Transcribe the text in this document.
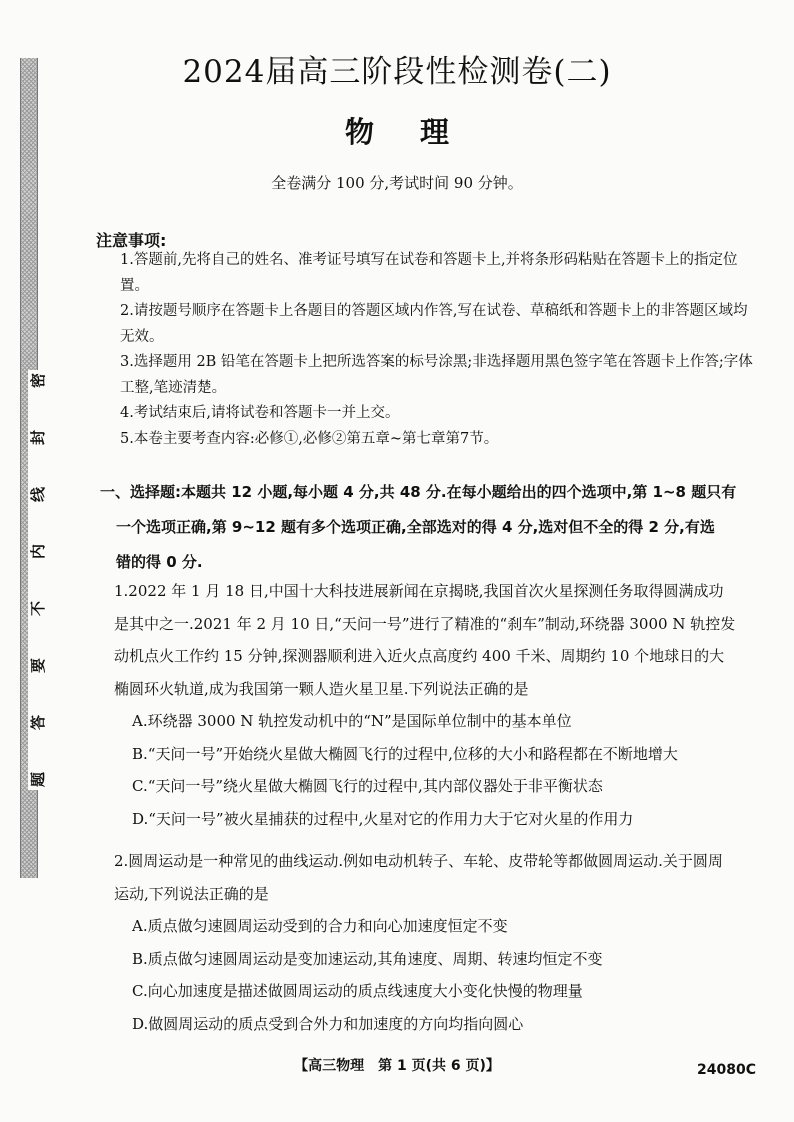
密
封
线
内
不
要
答
题
2024届高三阶段性检测卷(二)
物理
全卷满分 100 分,考试时间 90 分钟。
注意事项:

1.答题前,先将自己的姓名、准考证号填写在试卷和答题卡上,并将条形码粘贴在答题卡上的指定位置。

2.请按题号顺序在答题卡上各题目的答题区域内作答,写在试卷、草稿纸和答题卡上的非答题区域均无效。

3.选择题用 2B 铅笔在答题卡上把所选答案的标号涂黑;非选择题用黑色签字笔在答题卡上作答;字体工整,笔迹清楚。

4.考试结束后,请将试卷和答题卡一并上交。

5.本卷主要考查内容:必修①,必修②第五章~第七章第7节。

一、选择题:本题共 12 小题,每小题 4 分,共 48 分.在每小题给出的四个选项中,第 1~8 题只有
一个选项正确,第 9~12 题有多个选项正确,全部选对的得 4 分,选对但不全的得 2 分,有选
错的得 0 分.

1.2022 年 1 月 18 日,中国十大科技进展新闻在京揭晓,我国首次火星探测任务取得圆满成功

是其中之一.2021 年 2 月 10 日,“天问一号”进行了精准的“刹车”制动,环绕器 3000 N 轨控发

动机点火工作约 15 分钟,探测器顺利进入近火点高度约 400 千米、周期约 10 个地球日的大

椭圆环火轨道,成为我国第一颗人造火星卫星.下列说法正确的是

A.环绕器 3000 N 轨控发动机中的“N”是国际单位制中的基本单位

B.“天问一号”开始绕火星做大椭圆飞行的过程中,位移的大小和路程都在不断地增大

C.“天问一号”绕火星做大椭圆飞行的过程中,其内部仪器处于非平衡状态

D.“天问一号”被火星捕获的过程中,火星对它的作用力大于它对火星的作用力

2.圆周运动是一种常见的曲线运动.例如电动机转子、车轮、皮带轮等都做圆周运动.关于圆周

运动,下列说法正确的是

A.质点做匀速圆周运动受到的合力和向心加速度恒定不变

B.质点做匀速圆周运动是变加速运动,其角速度、周期、转速均恒定不变

C.向心加速度是描述做圆周运动的质点线速度大小变化快慢的物理量

D.做圆周运动的质点受到合外力和加速度的方向均指向圆心

【高三物理　第 1 页(共 6 页)】	24080C
